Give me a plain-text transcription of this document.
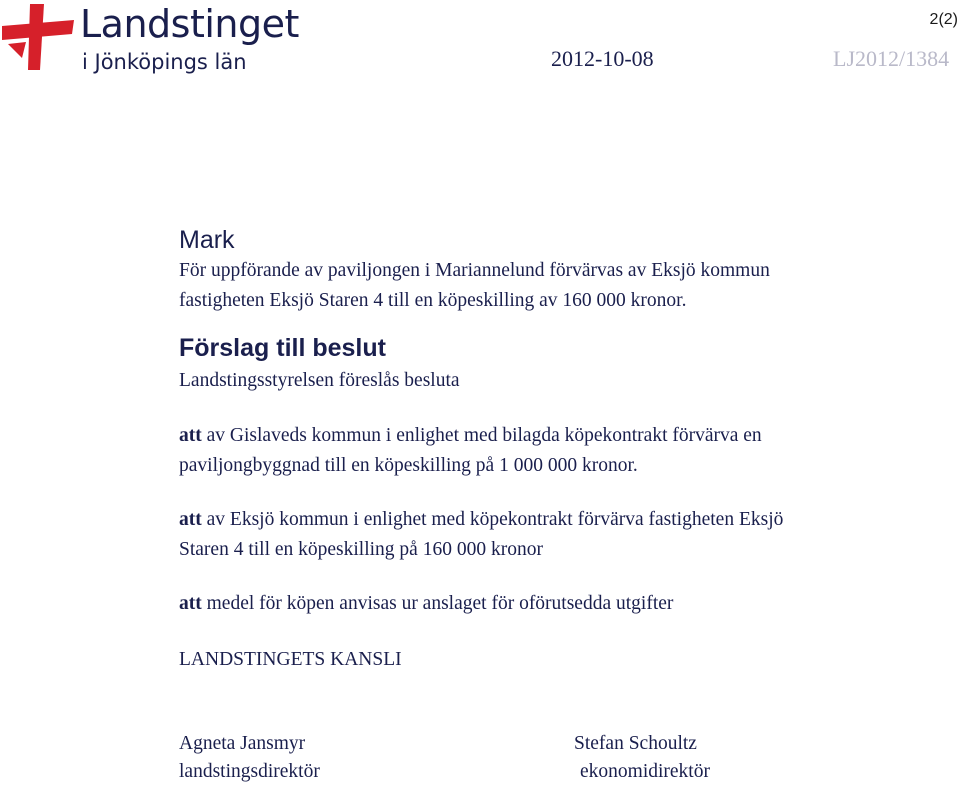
Landstinget
i Jönköpings län
2(2)
2012-10-08	LJ2012/1384
Mark
För uppförande av paviljongen i Mariannelund förvärvas av Eksjö kommun
fastigheten Eksjö Staren 4 till en köpeskilling av 160 000 kronor.
Förslag till beslut
Landstingsstyrelsen föreslås besluta
att av Gislaveds kommun i enlighet med bilagda köpekontrakt förvärva en
paviljongbyggnad till en köpeskilling på 1 000 000 kronor.
att av Eksjö kommun i enlighet med köpekontrakt förvärva fastigheten Eksjö
Staren 4 till en köpeskilling på 160 000 kronor
att medel för köpen anvisas ur anslaget för oförutsedda utgifter
LANDSTINGETS KANSLI
Agneta Jansmyr
landstingsdirektör
Stefan Schoultz
ekonomidirektör
